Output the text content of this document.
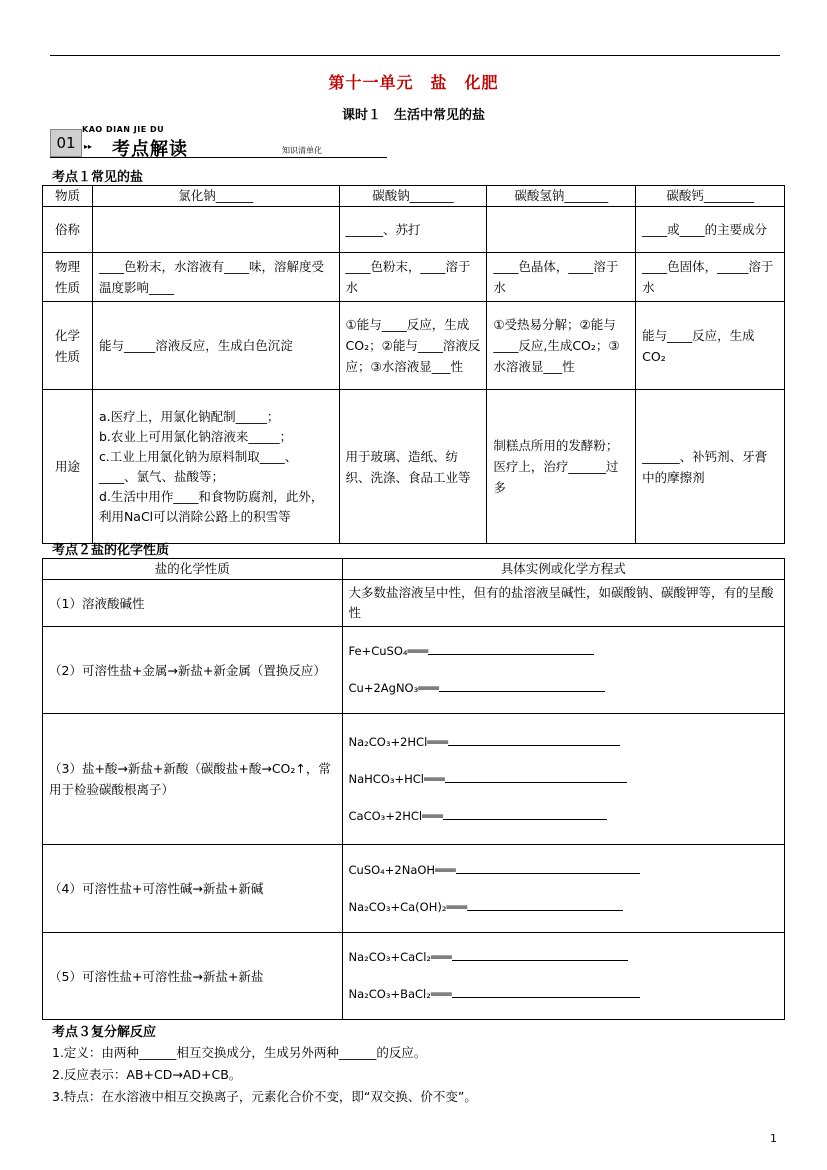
第十一单元　盐　化肥
课时１　生活中常见的盐
01
KAO DIAN JIE DU
▸▸ 考点解读	知识清单化
考点１常见的盐
物质	氯化钠______	碳酸钠_______	碳酸氢钠_______	碳酸钙________
俗称		______、苏打		____或____的主要成分
物理性质	____色粉末，水溶液有____味，溶解度受温度影响____	____色粉末，____溶于水	____色晶体，____溶于水	____色固体，_____溶于水
化学性质	能与_____溶液反应，生成白色沉淀	①能与____反应，生成CO₂；②能与____溶液反应；③水溶液显___性	①受热易分解；②能与____反应,生成CO₂；③水溶液显___性	能与____反应，生成CO₂
用途	a.医疗上，用氯化钠配制_____；
b.农业上可用氯化钠溶液来_____；
c.工业上用氯化钠为原料制取____、____、氯气、盐酸等；
d.生活中用作____和食物防腐剂，此外，利用NaCl可以消除公路上的积雪等	用于玻璃、造纸、纺织、洗涤、食品工业等	制糕点所用的发酵粉；医疗上，治疗______过多	______、补钙剂、牙膏中的摩擦剂
考点２盐的化学性质
盐的化学性质	具体实例或化学方程式
（1）溶液酸碱性	大多数盐溶液呈中性，但有的盐溶液呈碱性，如碳酸钠、碳酸钾等，有的呈酸性
（2）可溶性盐+金属→新盐+新金属（置换反应）	Fe+CuSO₄═══
Cu+2AgNO₃═══

（3）盐+酸→新盐+新酸（碳酸盐+酸→CO₂↑，常用于检验碳酸根离子）	Na₂CO₃+2HCl═══
NaHCO₃+HCl═══
CaCO₃+2HCl═══

（4）可溶性盐+可溶性碱→新盐+新碱	CuSO₄+2NaOH═══
Na₂CO₃+Ca(OH)₂═══

（5）可溶性盐+可溶性盐→新盐+新盐	Na₂CO₃+CaCl₂═══
Na₂CO₃+BaCl₂═══
考点３复分解反应
1.定义：由两种______相互交换成分，生成另外两种______的反应。
2.反应表示：AB+CD→AD+CB。
3.特点：在水溶液中相互交换离子，元素化合价不变，即“双交换、价不变”。
1
